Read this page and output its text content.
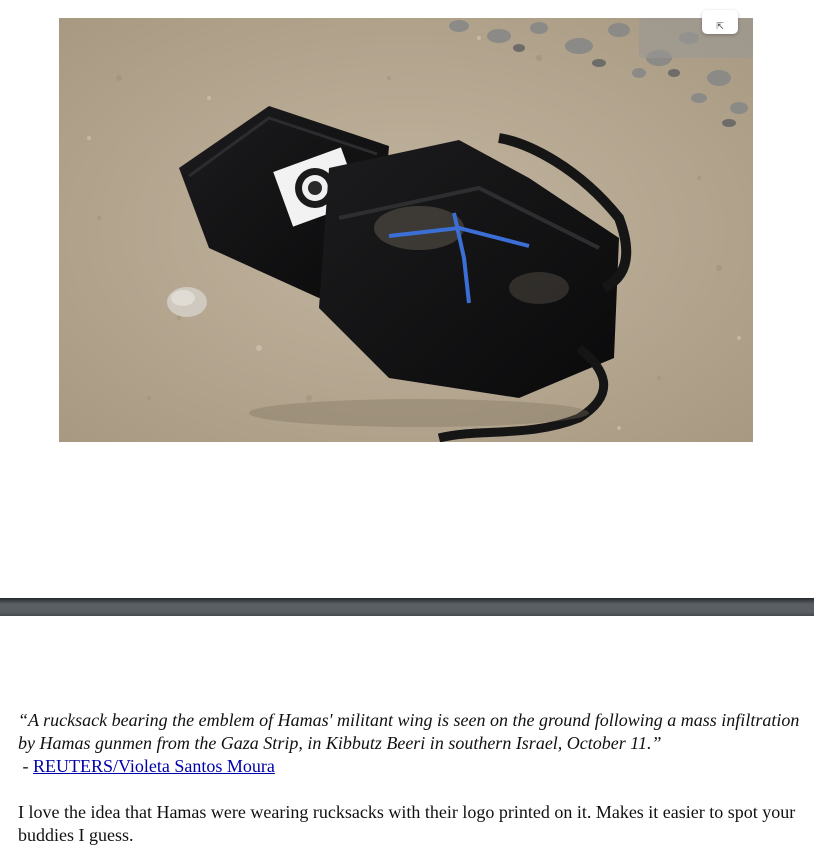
⇱

“A rucksack bearing the emblem of Hamas' militant wing is seen on the ground following a mass infiltration by Hamas gunmen from the Gaza Strip, in Kibbutz Beeri in southern Israel, October 11.” - REUTERS/Violeta Santos Moura

I love the idea that Hamas were wearing rucksacks with their logo printed on it. Makes it easier to spot your buddies I guess.
